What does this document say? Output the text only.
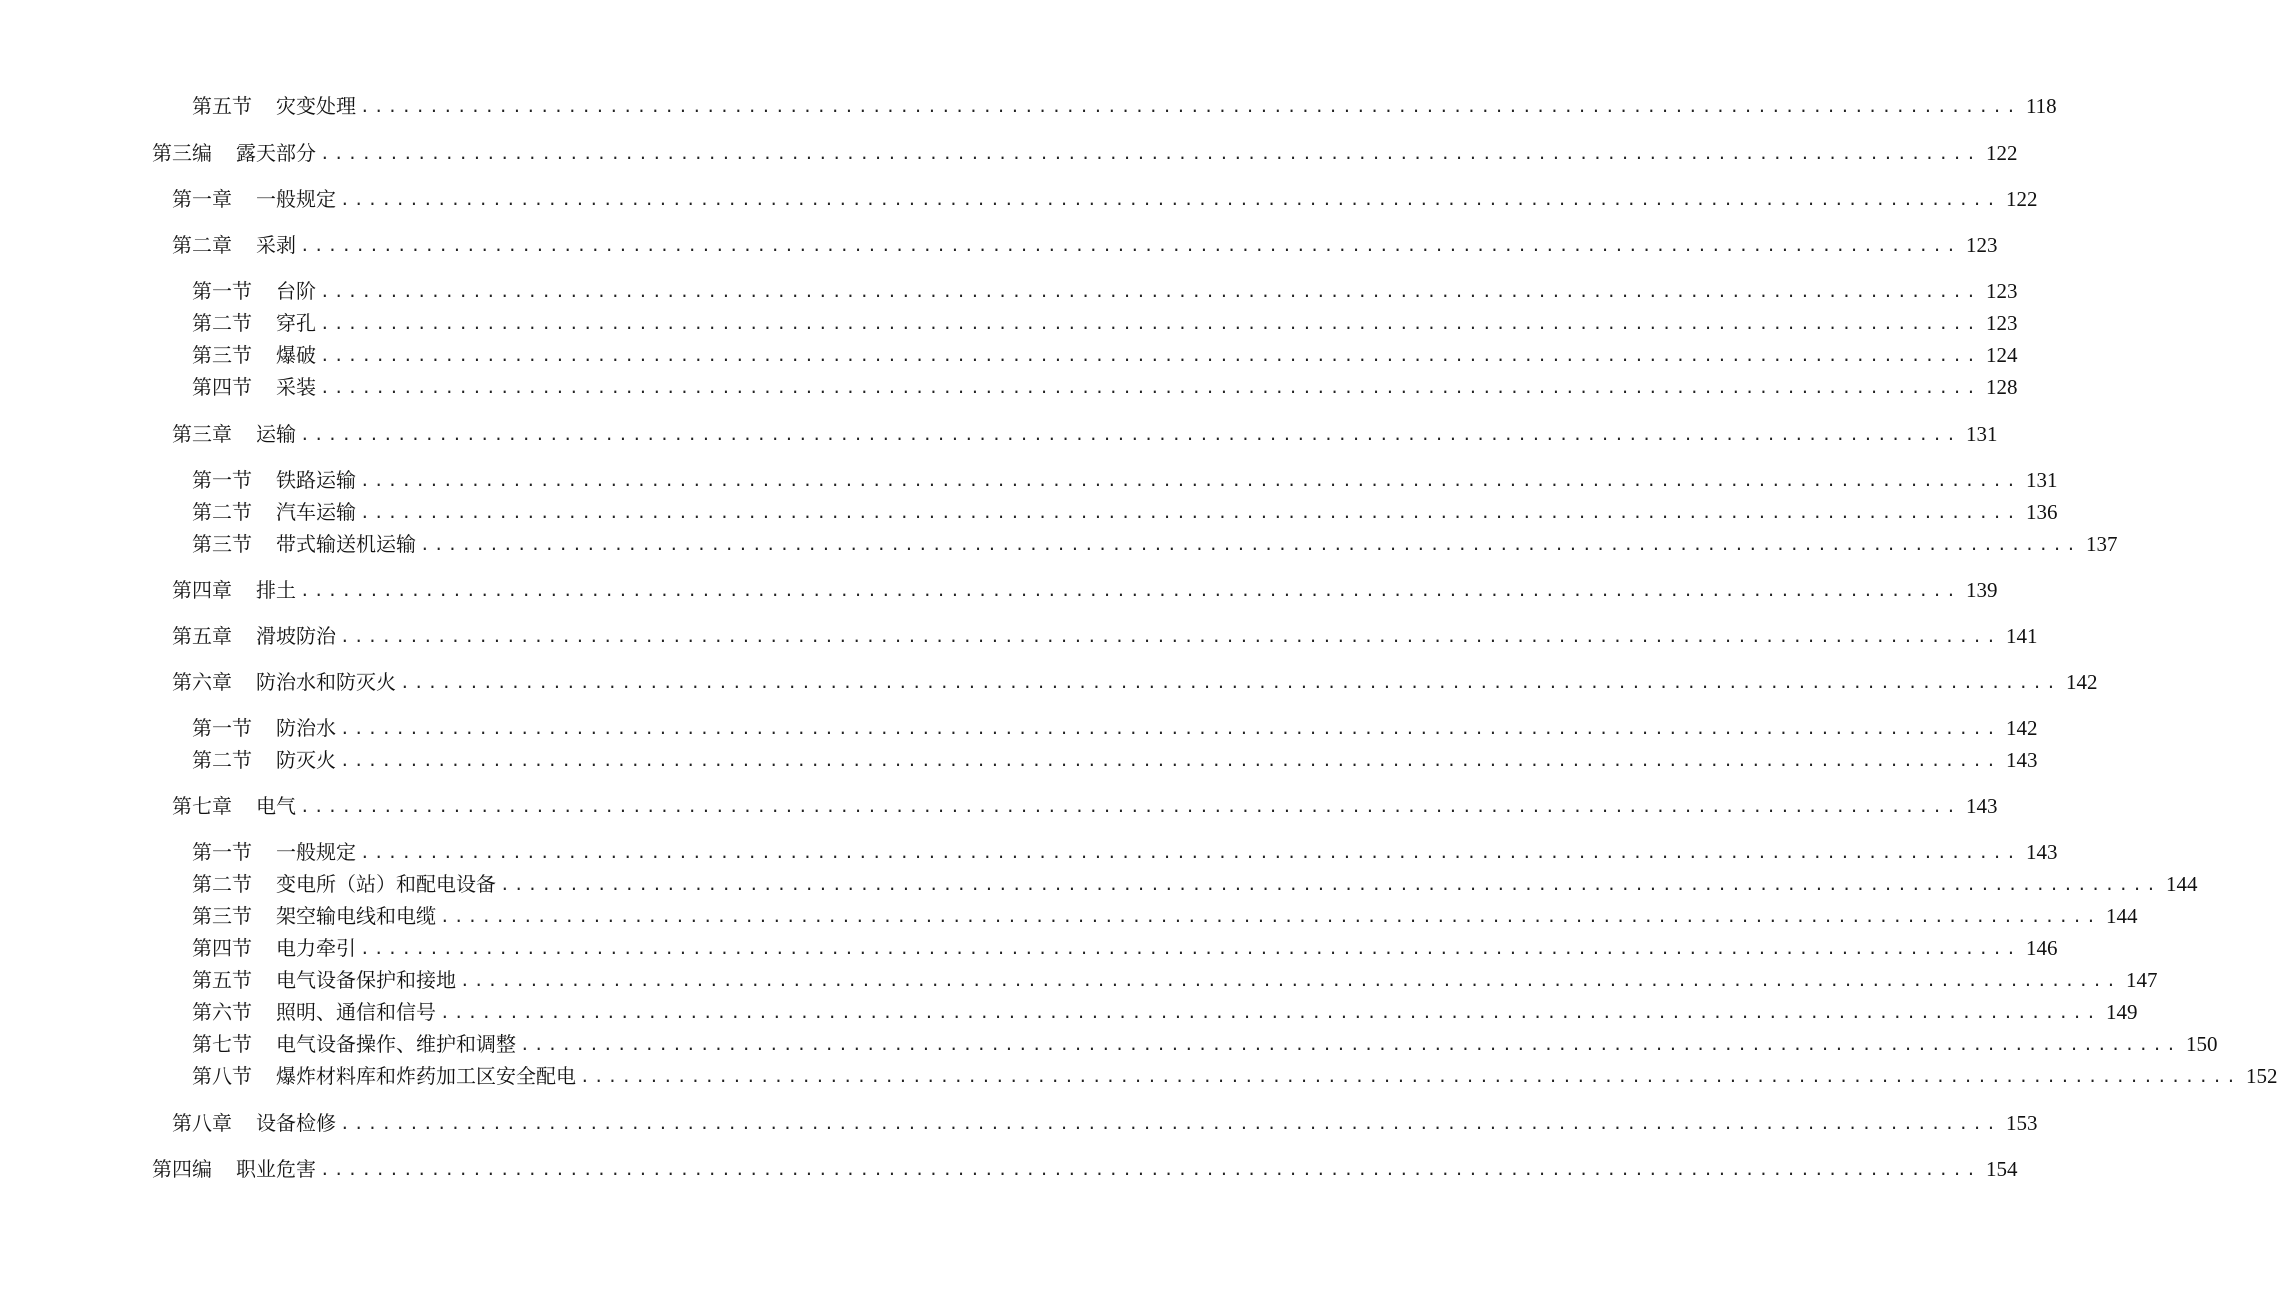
第五节 灾变处理 ........................................................................................................................ 118
第三编 露天部分 ........................................................................................................................ 122
第一章 一般规定 ........................................................................................................................ 122
第二章 采剥 ........................................................................................................................ 123
第一节 台阶 ........................................................................................................................ 123
第二节 穿孔 ........................................................................................................................ 123
第三节 爆破 ........................................................................................................................ 124
第四节 采装 ........................................................................................................................ 128
第三章 运输 ........................................................................................................................ 131
第一节 铁路运输 ........................................................................................................................ 131
第二节 汽车运输 ........................................................................................................................ 136
第三节 带式输送机运输 ........................................................................................................................ 137
第四章 排土 ........................................................................................................................ 139
第五章 滑坡防治 ........................................................................................................................ 141
第六章 防治水和防灭火 ........................................................................................................................ 142
第一节 防治水 ........................................................................................................................ 142
第二节 防灭火 ........................................................................................................................ 143
第七章 电气 ........................................................................................................................ 143
第一节 一般规定 ........................................................................................................................ 143
第二节 变电所（站）和配电设备 ........................................................................................................................ 144
第三节 架空输电线和电缆 ........................................................................................................................ 144
第四节 电力牵引 ........................................................................................................................ 146
第五节 电气设备保护和接地 ........................................................................................................................ 147
第六节 照明、通信和信号 ........................................................................................................................ 149
第七节 电气设备操作、维护和调整 ........................................................................................................................ 150
第八节 爆炸材料库和炸药加工区安全配电 ........................................................................................................................ 152
第八章 设备检修 ........................................................................................................................ 153
第四编 职业危害 ........................................................................................................................ 154
